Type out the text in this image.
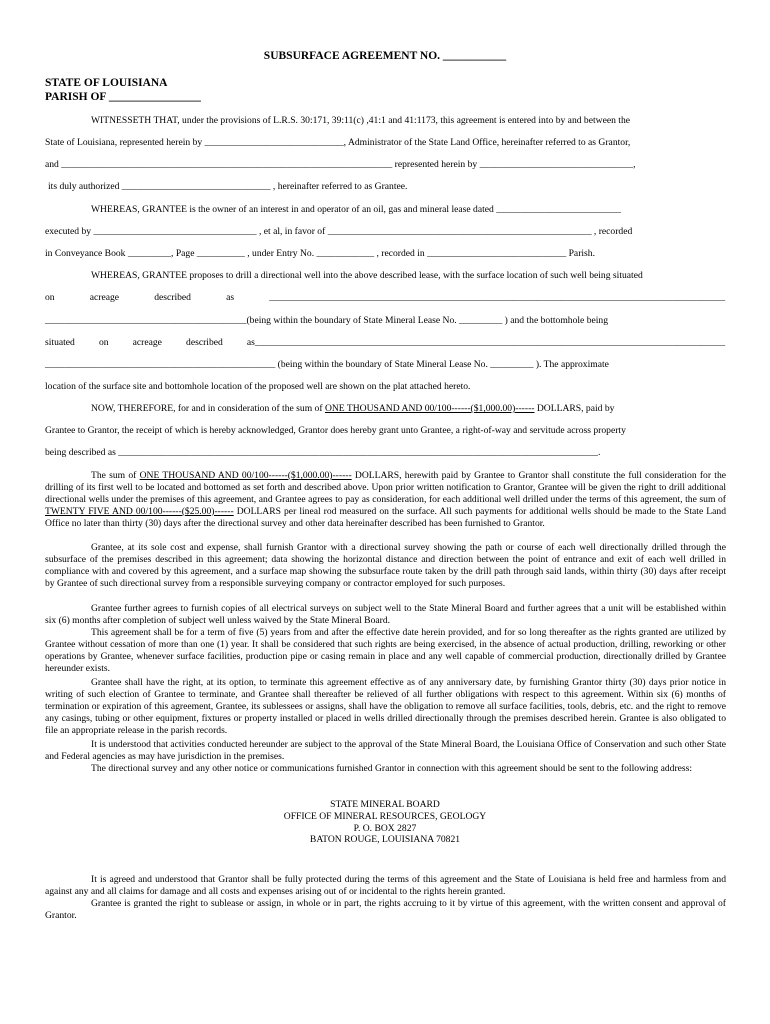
SUBSURFACE AGREEMENT NO. ___________
STATE OF LOUISIANA
PARISH OF ________________
WITNESSETH THAT, under the provisions of L.R.S. 30:171, 39:11(c) ,41:1 and 41:1173, this agreement is entered into by and between the
State of Louisiana, represented herein by _____________________________, Administrator of the State Land Office, hereinafter referred to as Grantor,
and _____________________________________________________________________ represented herein by ________________________________,
its duly authorized _______________________________ , hereinafter referred to as Grantee.
WHEREAS, GRANTEE is the owner of an interest in and operator of an oil, gas and mineral lease dated __________________________
executed by __________________________________ , et al, in favor of _______________________________________________________ , recorded
in Conveyance Book _________, Page __________ , under Entry No. ____________ , recorded in _____________________________ Parish.
WHEREAS, GRANTEE proposes to drill a directional well into the above described lease, with the surface location of such well being situated
on acreage described as _______________________________________________________________________________________________
__________________________________________(being within the boundary of State Mineral Lease No. _________ ) and the bottomhole being
situated on acreage described as__________________________________________________________________________________________________
________________________________________________ (being within the boundary of State Mineral Lease No. _________ ). The approximate
location of the surface site and bottomhole location of the proposed well are shown on the plat attached hereto.
NOW, THEREFORE, for and in consideration of the sum of ONE THOUSAND AND 00/100------($1,000.00)------ DOLLARS, paid by
Grantee to Grantor, the receipt of which is hereby acknowledged, Grantor does hereby grant unto Grantee, a right-of-way and servitude across property
being described as ____________________________________________________________________________________________________.

The sum of ONE THOUSAND AND 00/100------($1,000.00)------ DOLLARS, herewith paid by Grantee to Grantor shall constitute the full consideration for the drilling of its first well to be located and bottomed as set forth and described above. Upon prior written notification to Grantor, Grantee will be given the right to drill additional directional wells under the premises of this agreement, and Grantee agrees to pay as consideration, for each additional well drilled under the terms of this agreement, the sum of TWENTY FIVE AND 00/100------($25.00)------ DOLLARS per lineal rod measured on the surface. All such payments for additional wells should be made to the State Land Office no later than thirty (30) days after the directional survey and other data hereinafter described has been furnished to Grantor.

Grantee, at its sole cost and expense, shall furnish Grantor with a directional survey showing the path or course of each well directionally drilled through the subsurface of the premises described in this agreement; data showing the horizontal distance and direction between the point of entrance and exit of each well drilled in compliance with and covered by this agreement, and a surface map showing the subsurface route taken by the drill path through said lands, within thirty (30) days after receipt by Grantee of such directional survey from a responsible surveying company or contractor employed for such purposes.

Grantee further agrees to furnish copies of all electrical surveys on subject well to the State Mineral Board and further agrees that a unit will be established within six (6) months after completion of subject well unless waived by the State Mineral Board.

This agreement shall be for a term of five (5) years from and after the effective date herein provided, and for so long thereafter as the rights granted are utilized by Grantee without cessation of more than one (1) year. It shall be considered that such rights are being exercised, in the absence of actual production, drilling, reworking or other operations by Grantee, whenever surface facilities, production pipe or casing remain in place and any well capable of commercial production, directionally drilled by Grantee hereunder exists.

Grantee shall have the right, at its option, to terminate this agreement effective as of any anniversary date, by furnishing Grantor thirty (30) days prior notice in writing of such election of Grantee to terminate, and Grantee shall thereafter be relieved of all further obligations with respect to this agreement. Within six (6) months of termination or expiration of this agreement, Grantee, its sublessees or assigns, shall have the obligation to remove all surface facilities, tools, debris, etc. and the right to remove any casings, tubing or other equipment, fixtures or property installed or placed in wells drilled directionally through the premises described herein. Grantee is also obligated to file an appropriate release in the parish records.

It is understood that activities conducted hereunder are subject to the approval of the State Mineral Board, the Louisiana Office of Conservation and such other State and Federal agencies as may have jurisdiction in the premises.

The directional survey and any other notice or communications furnished Grantor in connection with this agreement should be sent to the following address:

STATE MINERAL BOARD
OFFICE OF MINERAL RESOURCES, GEOLOGY
P. O. BOX 2827
BATON ROUGE, LOUISIANA 70821

It is agreed and understood that Grantor shall be fully protected during the terms of this agreement and the State of Louisiana is held free and harmless from and against any and all claims for damage and all costs and expenses arising out of or incidental to the rights herein granted.

Grantee is granted the right to sublease or assign, in whole or in part, the rights accruing to it by virtue of this agreement, with the written consent and approval of Grantor.
